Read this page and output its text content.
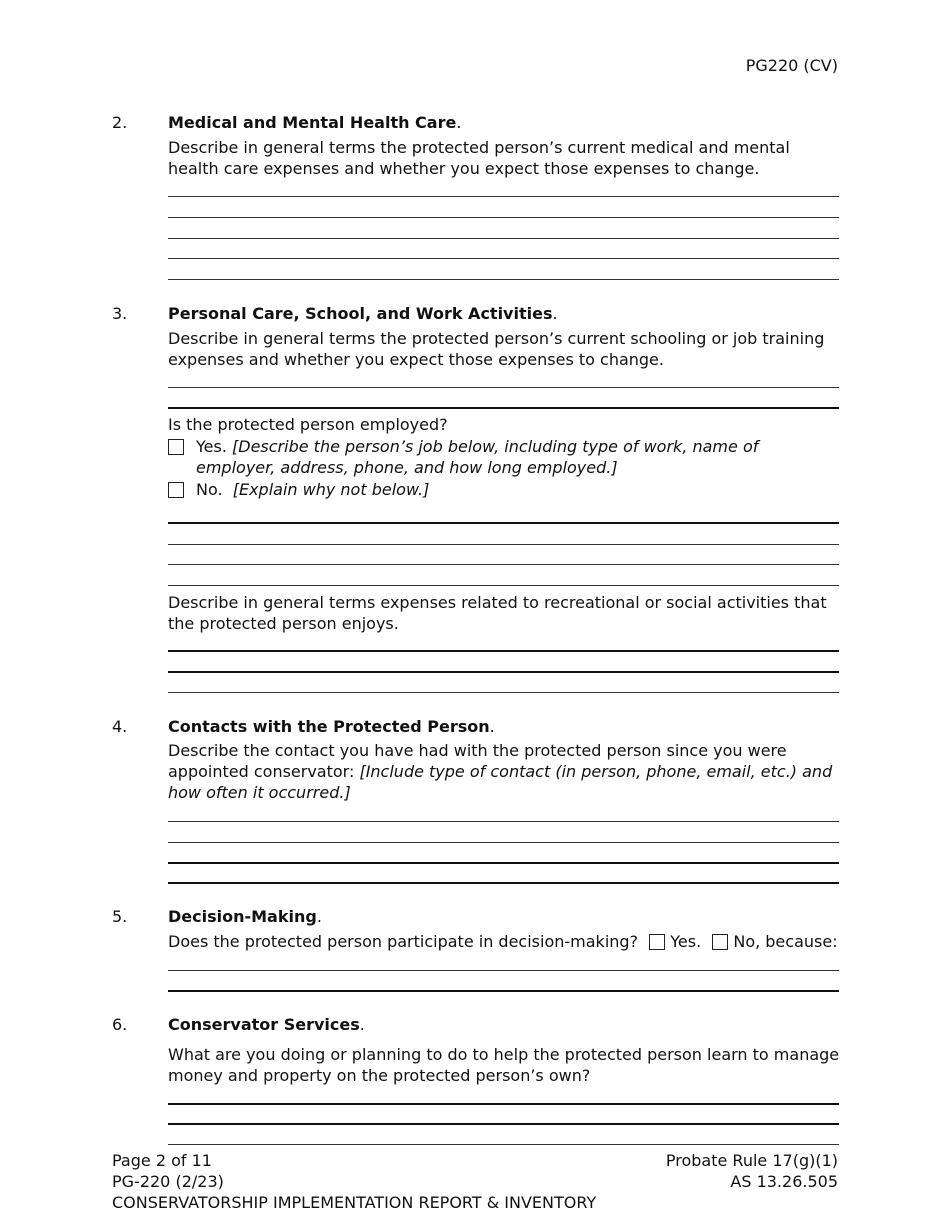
PG220 (CV)
2.	Medical and Mental Health Care.
Describe in general terms the protected person’s current medical and mental health care expenses and whether you expect those expenses to change.
3.	Personal Care, School, and Work Activities.
Describe in general terms the protected person’s current schooling or job training expenses and whether you expect those expenses to change.
Is the protected person employed?
Yes. [Describe the person’s job below, including type of work, name of employer, address, phone, and how long employed.]
No. [Explain why not below.]
Describe in general terms expenses related to recreational or social activities that the protected person enjoys.
4.	Contacts with the Protected Person.
Describe the contact you have had with the protected person since you were appointed conservator: [Include type of contact (in person, phone, email, etc.) and how often it occurred.]
5.	Decision-Making.
Does the protected person participate in decision-making? Yes. No, because:
6.	Conservator Services.
What are you doing or planning to do to help the protected person learn to manage money and property on the protected person’s own?
Page 2 of 11
PG-220 (2/23)
CONSERVATORSHIP IMPLEMENTATION REPORT & INVENTORY
Probate Rule 17(g)(1)
AS 13.26.505
